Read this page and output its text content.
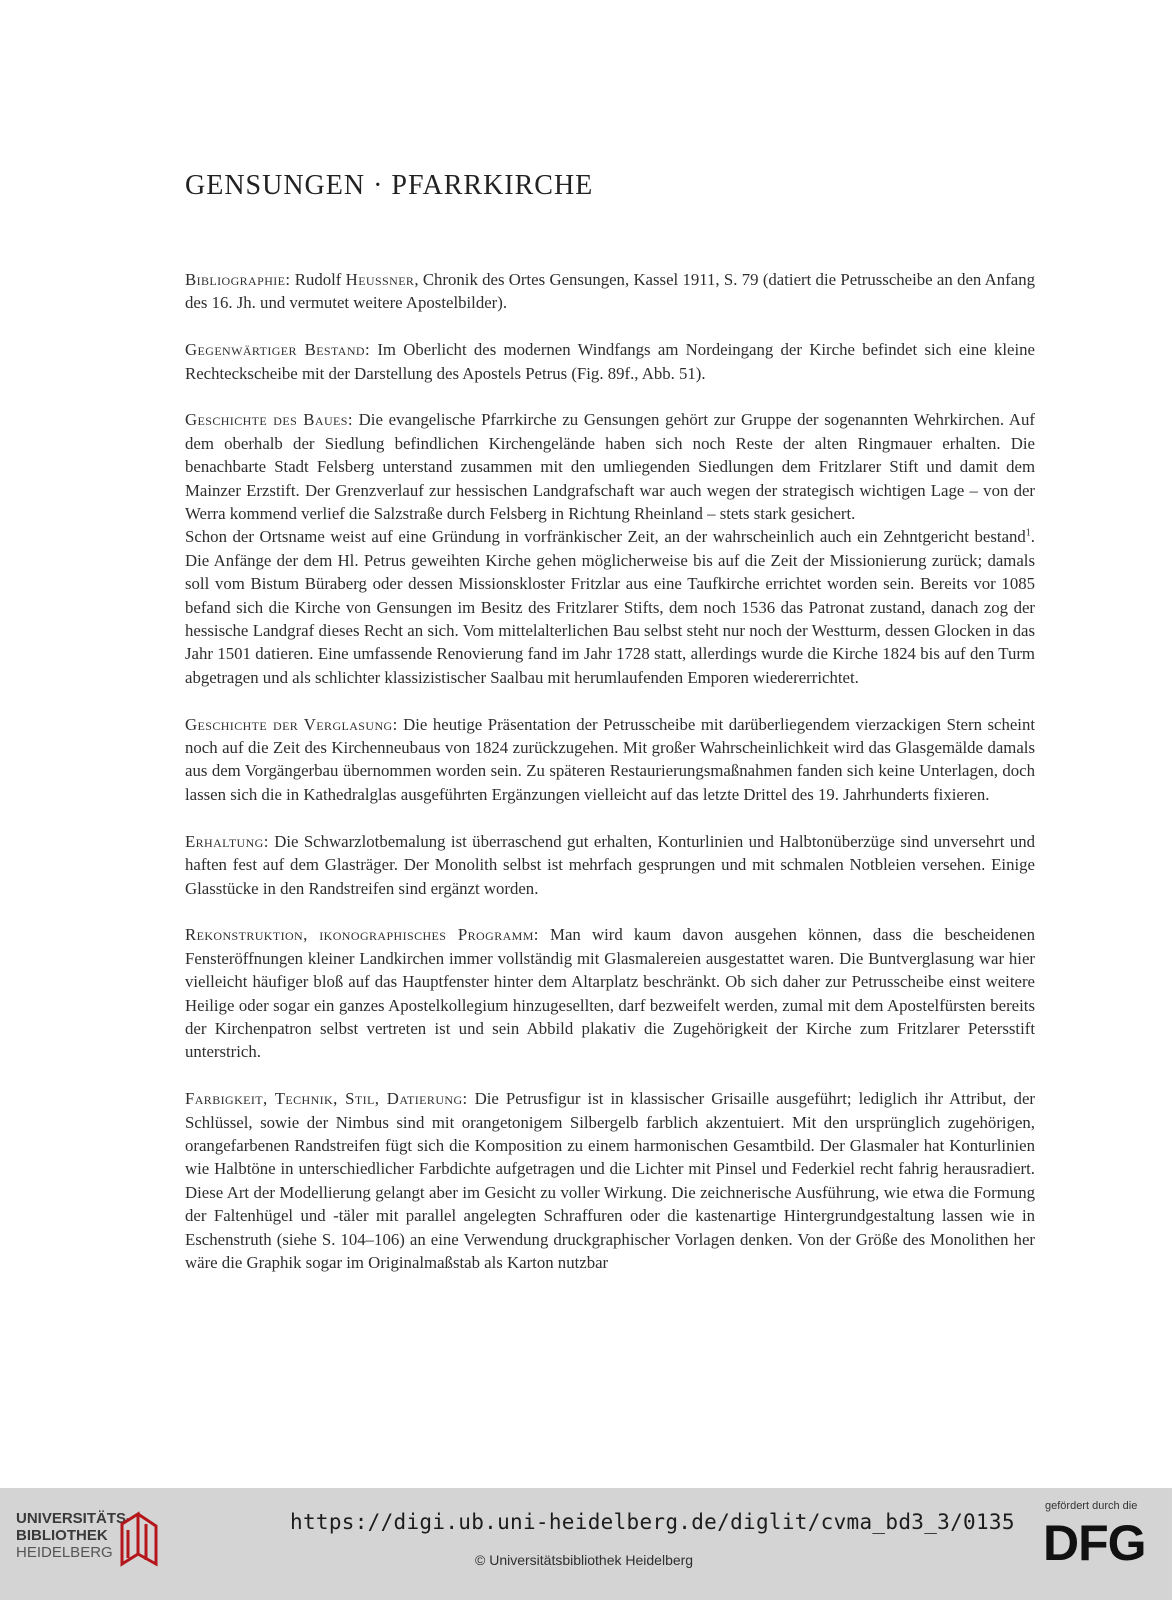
GENSUNGEN · PFARRKIRCHE

Bibliographie: Rudolf Heussner, Chronik des Ortes Gensungen, Kassel 1911, S. 79 (datiert die Petrusscheibe an den Anfang des 16. Jh. und vermutet weitere Apostelbilder).

Gegenwärtiger Bestand: Im Oberlicht des modernen Windfangs am Nordeingang der Kirche befindet sich eine kleine Rechteckscheibe mit der Darstellung des Apostels Petrus (Fig. 89f., Abb. 51).

Geschichte des Baues: Die evangelische Pfarrkirche zu Gensungen gehört zur Gruppe der sogenannten Wehrkirchen. Auf dem oberhalb der Siedlung befindlichen Kirchengelände haben sich noch Reste der alten Ringmauer erhalten. Die benachbarte Stadt Felsberg unterstand zusammen mit den umliegenden Siedlungen dem Fritzlarer Stift und damit dem Mainzer Erzstift. Der Grenzverlauf zur hessischen Landgrafschaft war auch wegen der strategisch wichtigen Lage – von der Werra kommend verlief die Salzstraße durch Felsberg in Richtung Rheinland – stets stark gesichert.

Schon der Ortsname weist auf eine Gründung in vorfränkischer Zeit, an der wahrscheinlich auch ein Zehntgericht bestand$^1$. Die Anfänge der dem Hl. Petrus geweihten Kirche gehen möglicherweise bis auf die Zeit der Missionierung zurück; damals soll vom Bistum Büraberg oder dessen Missionskloster Fritzlar aus eine Taufkirche errichtet worden sein. Bereits vor 1085 befand sich die Kirche von Gensungen im Besitz des Fritzlarer Stifts, dem noch 1536 das Patronat zustand, danach zog der hessische Landgraf dieses Recht an sich. Vom mittelalterlichen Bau selbst steht nur noch der Westturm, dessen Glocken in das Jahr 1501 datieren. Eine umfassende Renovierung fand im Jahr 1728 statt, allerdings wurde die Kirche 1824 bis auf den Turm abgetragen und als schlichter klassizistischer Saalbau mit herumlaufenden Emporen wiedererrichtet.

Geschichte der Verglasung: Die heutige Präsentation der Petrusscheibe mit darüberliegendem vierzackigen Stern scheint noch auf die Zeit des Kirchenneubaus von 1824 zurückzugehen. Mit großer Wahrscheinlichkeit wird das Glasgemälde damals aus dem Vorgängerbau übernommen worden sein. Zu späteren Restaurierungsmaßnahmen fanden sich keine Unterlagen, doch lassen sich die in Kathedralglas ausgeführten Ergänzungen vielleicht auf das letzte Drittel des 19. Jahrhunderts fixieren.

Erhaltung: Die Schwarzlotbemalung ist überraschend gut erhalten, Konturlinien und Halbtonüberzüge sind unversehrt und haften fest auf dem Glasträger. Der Monolith selbst ist mehrfach gesprungen und mit schmalen Notbleien versehen. Einige Glasstücke in den Randstreifen sind ergänzt worden.

Rekonstruktion, ikonographisches Programm: Man wird kaum davon ausgehen können, dass die bescheidenen Fensteröffnungen kleiner Landkirchen immer vollständig mit Glasmalereien ausgestattet waren. Die Buntverglasung war hier vielleicht häufiger bloß auf das Hauptfenster hinter dem Altarplatz beschränkt. Ob sich daher zur Petrusscheibe einst weitere Heilige oder sogar ein ganzes Apostelkollegium hinzugesellten, darf bezweifelt werden, zumal mit dem Apostelfürsten bereits der Kirchenpatron selbst vertreten ist und sein Abbild plakativ die Zugehörigkeit der Kirche zum Fritzlarer Petersstift unterstrich.

Farbigkeit, Technik, Stil, Datierung: Die Petrusfigur ist in klassischer Grisaille ausgeführt; lediglich ihr Attribut, der Schlüssel, sowie der Nimbus sind mit orangetonigem Silbergelb farblich akzentuiert. Mit den ursprünglich zugehörigen, orangefarbenen Randstreifen fügt sich die Komposition zu einem harmonischen Gesamtbild. Der Glasmaler hat Konturlinien wie Halbtöne in unterschiedlicher Farbdichte aufgetragen und die Lichter mit Pinsel und Federkiel recht fahrig herausradiert. Diese Art der Modellierung gelangt aber im Gesicht zu voller Wirkung. Die zeichnerische Ausführung, wie etwa die Formung der Faltenhügel und -täler mit parallel angelegten Schraffuren oder die kastenartige Hintergrundgestaltung lassen wie in Eschenstruth (siehe S. 104–106) an eine Verwendung druckgraphischer Vorlagen denken. Von der Größe des Monolithen her wäre die Graphik sogar im Originalmaßstab als Karton nutzbar

UNIVERSITÄTS-
BIBLIOTHEK
HEIDELBERG
https://digi.ub.uni-heidelberg.de/diglit/cvma_bd3_3/0135
© Universitätsbibliothek Heidelberg
gefördert durch die
DFG
